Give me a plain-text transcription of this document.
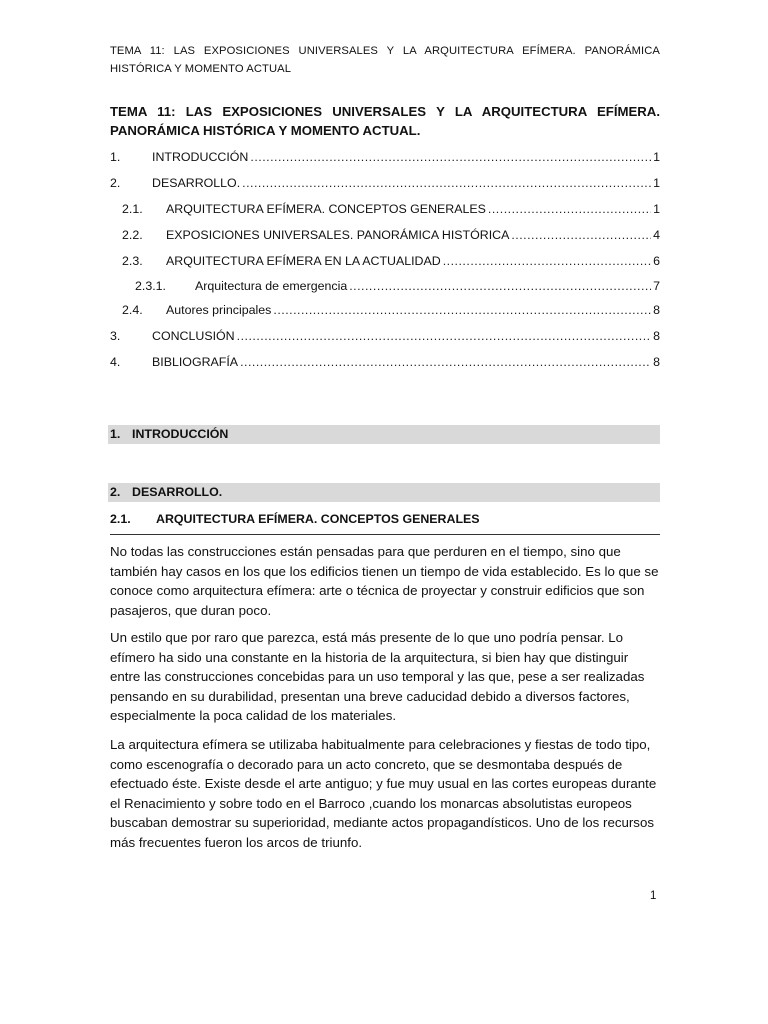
TEMA 11: LAS EXPOSICIONES UNIVERSALES Y LA ARQUITECTURA EFÍMERA. PANORÁMICA HISTÓRICA Y MOMENTO ACTUAL
TEMA 11: LAS EXPOSICIONES UNIVERSALES Y LA ARQUITECTURA EFÍMERA. PANORÁMICA HISTÓRICA Y MOMENTO ACTUAL.
1.	INTRODUCCIÓN .....	1
2.	DESARROLLO. .....	1
2.1.	ARQUITECTURA EFÍMERA. CONCEPTOS GENERALES .....	1
2.2.	EXPOSICIONES UNIVERSALES. PANORÁMICA HISTÓRICA .....	4
2.3.	ARQUITECTURA EFÍMERA EN LA ACTUALIDAD .....	6
2.3.1.	Arquitectura de emergencia .....	7
2.4.	Autores principales .....	8
3.	CONCLUSIÓN .....	8
4.	BIBLIOGRAFÍA .....	8
1. INTRODUCCIÓN
2. DESARROLLO.
2.1. ARQUITECTURA EFÍMERA. CONCEPTOS GENERALES

No todas las construcciones están pensadas para que perduren en el tiempo, sino que también hay casos en los que los edificios tienen un tiempo de vida establecido. Es lo que se conoce como arquitectura efímera: arte o técnica de proyectar y construir edificios que son pasajeros, que duran poco.

Un estilo que por raro que parezca, está más presente de lo que uno podría pensar. Lo efímero ha sido una constante en la historia de la arquitectura, si bien hay que distinguir entre las construcciones concebidas para un uso temporal y las que, pese a ser realizadas pensando en su durabilidad, presentan una breve caducidad debido a diversos factores, especialmente la poca calidad de los materiales.

La arquitectura efímera se utilizaba habitualmente para celebraciones y fiestas de todo tipo, como escenografía o decorado para un acto concreto, que se desmontaba después de efectuado éste. Existe desde el arte antiguo; y fue muy usual en las cortes europeas durante el Renacimiento y sobre todo en el Barroco ,cuando los monarcas absolutistas europeos buscaban demostrar su superioridad, mediante actos propagandísticos. Uno de los recursos más frecuentes fueron los arcos de triunfo.

1
